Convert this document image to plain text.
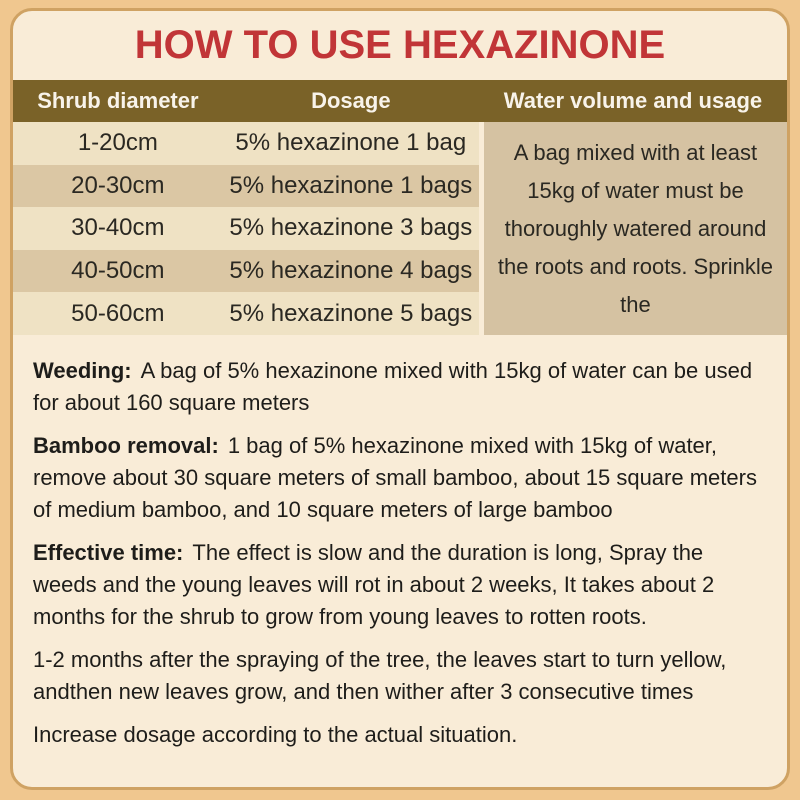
HOW TO USE HEXAZINONE
Shrub diameter	Dosage	Water volume and usage
1-20cm	5% hexazinone 1 bag
20-30cm	5% hexazinone 1 bags
30-40cm	5% hexazinone 3 bags
40-50cm	5% hexazinone 4 bags
50-60cm	5% hexazinone 5 bags
A bag mixed with at least 15kg of water must be thoroughly watered around the roots and roots. Sprinkle the

Weeding: A bag of 5% hexazinone mixed with 15kg of water can be used for about 160 square meters

Bamboo removal: 1 bag of 5% hexazinone mixed with 15kg of water, remove about 30 square meters of small bamboo, about 15 square meters of medium bamboo, and 10 square meters of large bamboo

Effective time: The effect is slow and the duration is long, Spray the weeds and the young leaves will rot in about 2 weeks, It takes about 2 months for the shrub to grow from young leaves to rotten roots.

1-2 months after the spraying of the tree, the leaves start to turn yellow, andthen new leaves grow, and then wither after 3 consecutive times

Increase dosage according to the actual situation.
